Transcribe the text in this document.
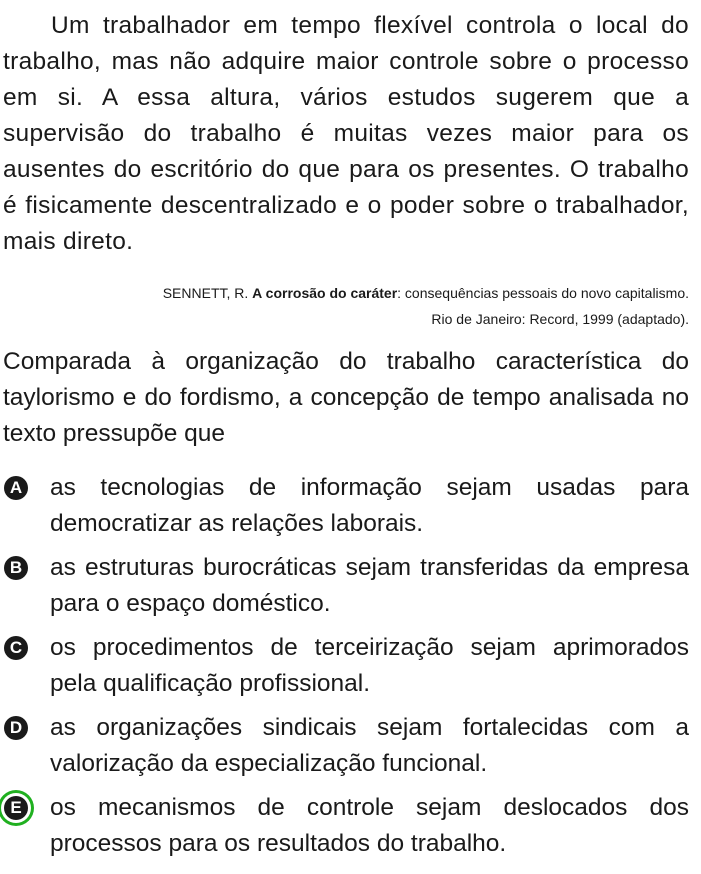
Um trabalhador em tempo flexível controla o local do trabalho, mas não adquire maior controle sobre o processo em si. A essa altura, vários estudos sugerem que a supervisão do trabalho é muitas vezes maior para os ausentes do escritório do que para os presentes. O trabalho é fisicamente descentralizado e o poder sobre o trabalhador, mais direto.

SENNETT, R. A corrosão do caráter: consequências pessoais do novo capitalismo.
Rio de Janeiro: Record, 1999 (adaptado).

Comparada à organização do trabalho característica do taylorismo e do fordismo, a concepção de tempo analisada no texto pressupõe que

A as tecnologias de informação sejam usadas para democratizar as relações laborais.
B as estruturas burocráticas sejam transferidas da empresa para o espaço doméstico.
C os procedimentos de terceirização sejam aprimorados pela qualificação profissional.
D as organizações sindicais sejam fortalecidas com a valorização da especialização funcional.
E os mecanismos de controle sejam deslocados dos processos para os resultados do trabalho.
